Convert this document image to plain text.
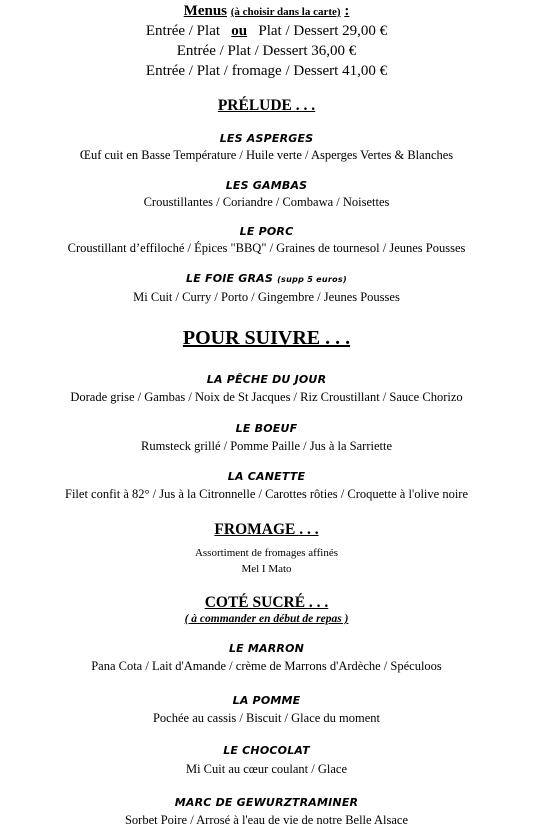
Menus (à choisir dans la carte) :
Entrée / Plat ou Plat / Dessert 29,00 €
Entrée / Plat / Dessert 36,00 €
Entrée / Plat / fromage / Dessert 41,00 €
PRÉLUDE . . .
LES ASPERGES
Œuf cuit en Basse Température / Huile verte / Asperges Vertes & Blanches
LES GAMBAS
Croustillantes / Coriandre / Combawa / Noisettes
LE PORC
Croustillant d’effiloché / Épices "BBQ" / Graines de tournesol / Jeunes Pousses
LE FOIE GRAS (supp 5 euros)
Mi Cuit / Curry / Porto / Gingembre / Jeunes Pousses
POUR SUIVRE . . .
LA PÊCHE DU JOUR
Dorade grise / Gambas / Noix de St Jacques / Riz Croustillant / Sauce Chorizo
LE BOEUF
Rumsteck grillé / Pomme Paille / Jus à la Sarriette
LA CANETTE
Filet confit à 82° / Jus à la Citronnelle / Carottes rôties / Croquette à l'olive noire
FROMAGE . . .
Assortiment de fromages affinés
Mel I Mato
COTÉ SUCRÉ . . .
( à commander en début de repas )
LE MARRON
Pana Cota / Lait d'Amande / crème de Marrons d'Ardèche / Spéculoos
LA POMME
Pochée au cassis / Biscuit / Glace du moment
LE CHOCOLAT
Mi Cuit au cœur coulant / Glace
MARC DE GEWURZTRAMINER
Sorbet Poire / Arrosé à l'eau de vie de notre Belle Alsace
